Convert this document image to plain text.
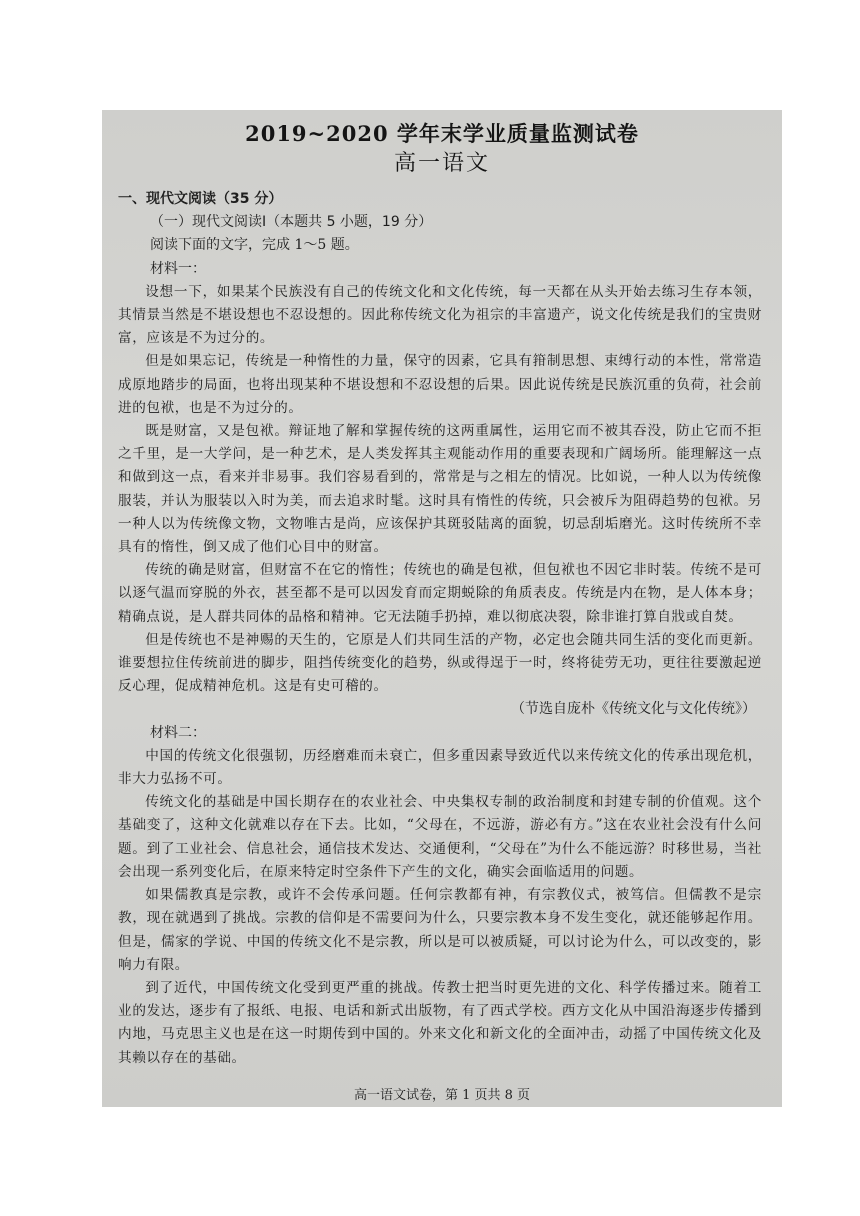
2019~2020 学年末学业质量监测试卷
高一语文

一、现代文阅读（35 分）

（一）现代文阅读Ⅰ（本题共 5 小题，19 分）

阅读下面的文字，完成 1～5 题。

材料一：

设想一下，如果某个民族没有自己的传统文化和文化传统，每一天都在从头开始去练习生存本领，其情景当然是不堪设想也不忍设想的。因此称传统文化为祖宗的丰富遗产，说文化传统是我们的宝贵财富，应该是不为过分的。

但是如果忘记，传统是一种惰性的力量，保守的因素，它具有箝制思想、束缚行动的本性，常常造成原地踏步的局面，也将出现某种不堪设想和不忍设想的后果。因此说传统是民族沉重的负荷，社会前进的包袱，也是不为过分的。

既是财富，又是包袱。辩证地了解和掌握传统的这两重属性，运用它而不被其吞没，防止它而不拒之千里，是一大学问，是一种艺术，是人类发挥其主观能动作用的重要表现和广阔场所。能理解这一点和做到这一点，看来并非易事。我们容易看到的，常常是与之相左的情况。比如说，一种人以为传统像服装，并认为服装以入时为美，而去追求时髦。这时具有惰性的传统，只会被斥为阻碍趋势的包袱。另一种人以为传统像文物，文物唯古是尚，应该保护其斑驳陆离的面貌，切忌刮垢磨光。这时传统所不幸具有的惰性，倒又成了他们心目中的财富。

传统的确是财富，但财富不在它的惰性；传统也的确是包袱，但包袱也不因它非时装。传统不是可以逐气温而穿脱的外衣，甚至都不是可以因发育而定期蜕除的角质表皮。传统是内在物，是人体本身；精确点说，是人群共同体的品格和精神。它无法随手扔掉，难以彻底决裂，除非谁打算自戕或自焚。

但是传统也不是神赐的天生的，它原是人们共同生活的产物，必定也会随共同生活的变化而更新。谁要想拉住传统前进的脚步，阻挡传统变化的趋势，纵或得逞于一时，终将徒劳无功，更往往要激起逆反心理，促成精神危机。这是有史可稽的。

（节选自庞朴《传统文化与文化传统》）

材料二：

中国的传统文化很强韧，历经磨难而未衰亡，但多重因素导致近代以来传统文化的传承出现危机，非大力弘扬不可。

传统文化的基础是中国长期存在的农业社会、中央集权专制的政治制度和封建专制的价值观。这个基础变了，这种文化就难以存在下去。比如，“父母在，不远游，游必有方。”这在农业社会没有什么问题。到了工业社会、信息社会，通信技术发达、交通便利，“父母在”为什么不能远游？时移世易，当社会出现一系列变化后，在原来特定时空条件下产生的文化，确实会面临适用的问题。

如果儒教真是宗教，或许不会传承问题。任何宗教都有神，有宗教仪式，被笃信。但儒教不是宗教，现在就遇到了挑战。宗教的信仰是不需要问为什么，只要宗教本身不发生变化，就还能够起作用。但是，儒家的学说、中国的传统文化不是宗教，所以是可以被质疑，可以讨论为什么，可以改变的，影响力有限。

到了近代，中国传统文化受到更严重的挑战。传教士把当时更先进的文化、科学传播过来。随着工业的发达，逐步有了报纸、电报、电话和新式出版物，有了西式学校。西方文化从中国沿海逐步传播到内地，马克思主义也是在这一时期传到中国的。外来文化和新文化的全面冲击，动摇了中国传统文化及其赖以存在的基础。

高一语文试卷，第 1 页共 8 页
